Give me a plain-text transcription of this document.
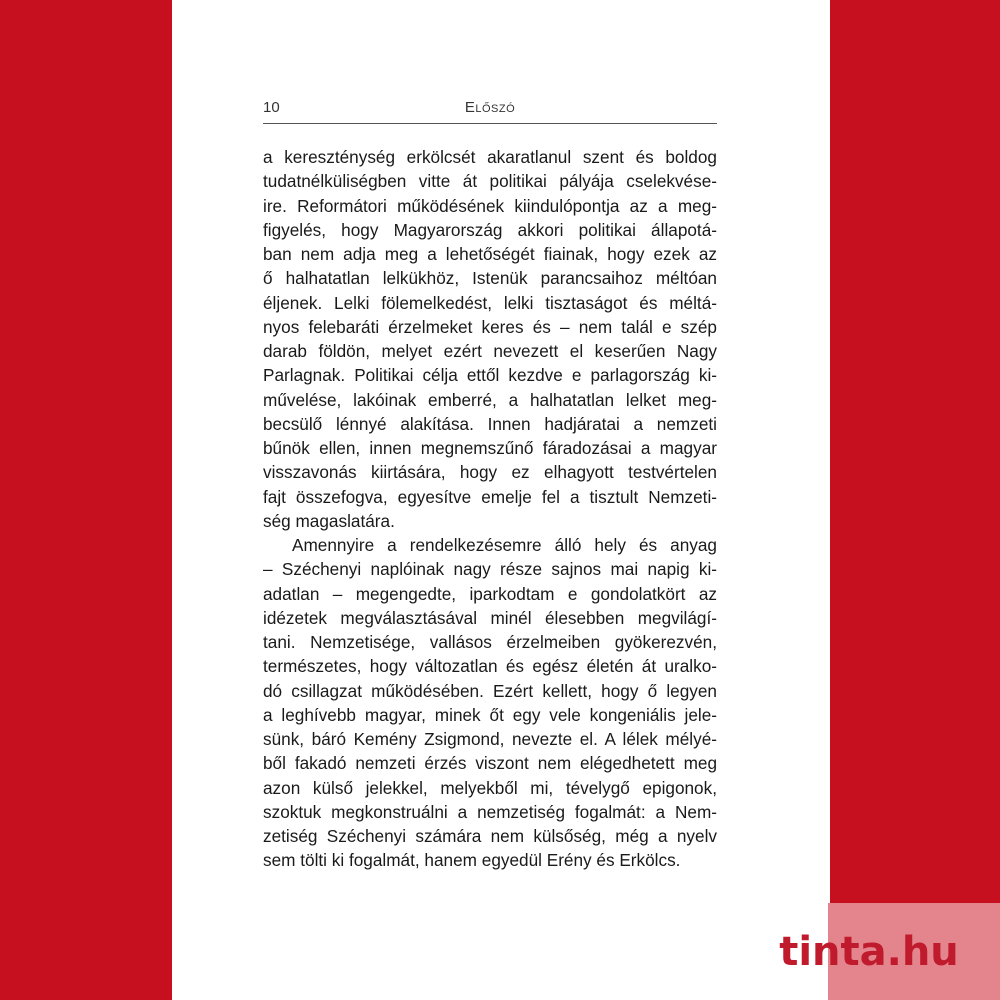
10	Előszó
a kereszténység erkölcsét akaratlanul szent és boldog
tudatnélküliségben vitte át politikai pályája cselekvése-
ire. Reformátori működésének kiindulópontja az a meg-
figyelés, hogy Magyarország akkori politikai állapotá-
ban nem adja meg a lehetőségét fiainak, hogy ezek az
ő halhatatlan lelkükhöz, Istenük parancsaihoz méltóan
éljenek. Lelki fölemelkedést, lelki tisztaságot és méltá-
nyos felebaráti érzelmeket keres és – nem talál e szép
darab földön, melyet ezért nevezett el keserűen Nagy
Parlagnak. Politikai célja ettől kezdve e parlagország ki-
művelése, lakóinak emberré, a halhatatlan lelket meg-
becsülő lénnyé alakítása. Innen hadjáratai a nemzeti
bűnök ellen, innen megnemszűnő fáradozásai a magyar
visszavonás kiirtására, hogy ez elhagyott testvértelen
fajt összefogva, egyesítve emelje fel a tisztult Nemzeti-
ség magaslatára.
Amennyire a rendelkezésemre álló hely és anyag
– Széchenyi naplóinak nagy része sajnos mai napig ki-
adatlan – megengedte, iparkodtam e gondolatkört az
idézetek megválasztásával minél élesebben megvilágí-
tani. Nemzetisége, vallásos érzelmeiben gyökerezvén,
természetes, hogy változatlan és egész életén át uralko-
dó csillagzat működésében. Ezért kellett, hogy ő legyen
a leghívebb magyar, minek őt egy vele kongeniális jele-
sünk, báró Kemény Zsigmond, nevezte el. A lélek mélyé-
ből fakadó nemzeti érzés viszont nem elégedhetett meg
azon külső jelekkel, melyekből mi, tévelygő epigonok,
szoktuk megkonstruálni a nemzetiség fogalmát: a Nem-
zetiség Széchenyi számára nem külsőség, még a nyelv
sem tölti ki fogalmát, hanem egyedül Erény és Erkölcs.
tinta.hu
